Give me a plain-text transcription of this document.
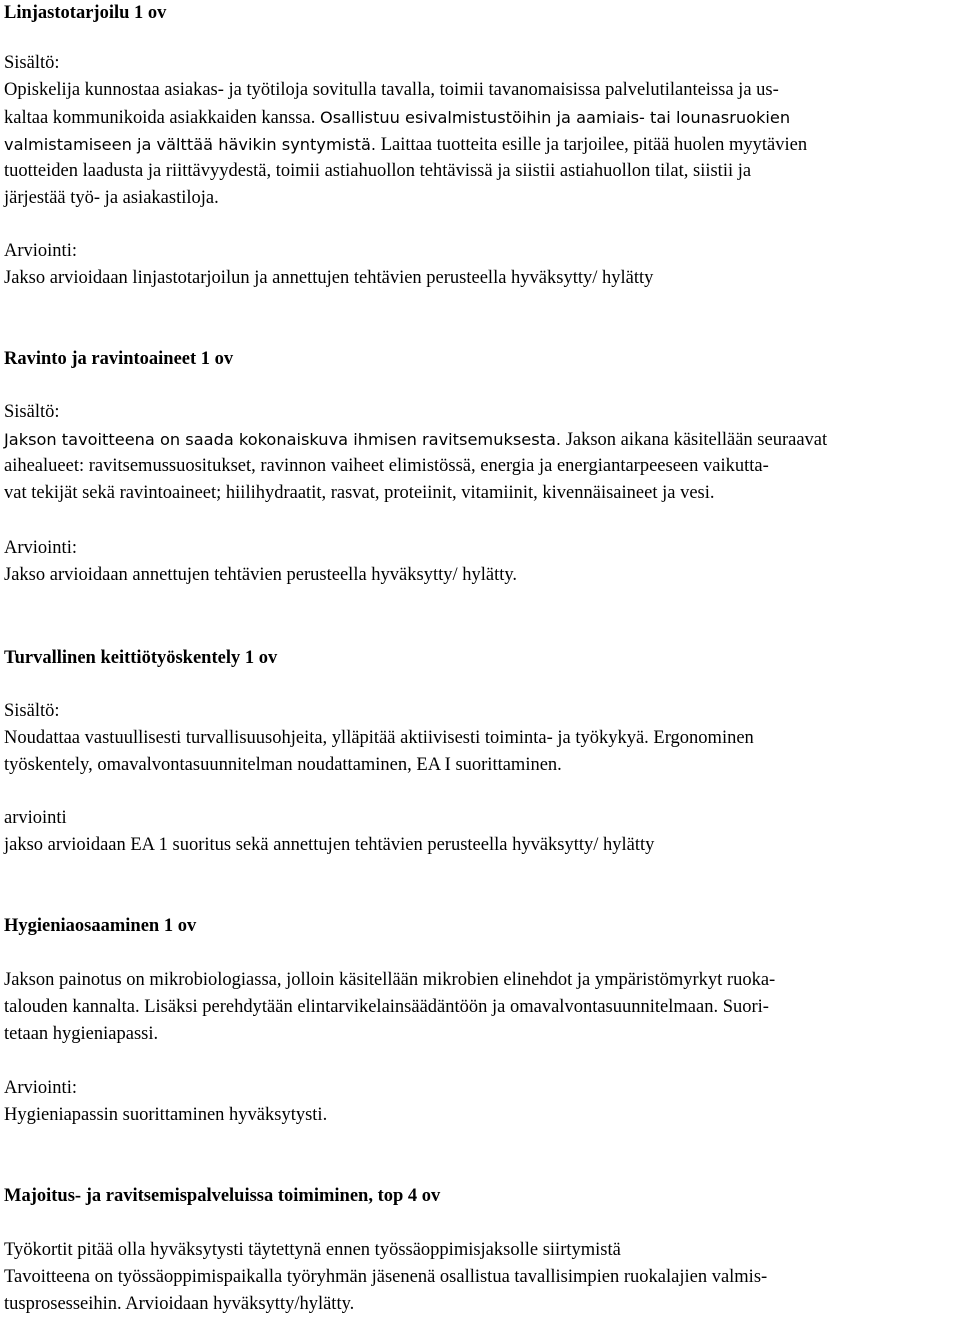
Linjastotarjoilu 1 ov
Sisältö:
Opiskelija kunnostaa asiakas- ja työtiloja sovitulla tavalla, toimii tavanomaisissa palvelutilanteissa ja us-
kaltaa kommunikoida asiakkaiden kanssa. Osallistuu esivalmistustöihin ja aamiais- tai lounasruokien
valmistamiseen ja välttää hävikin syntymistä. Laittaa tuotteita esille ja tarjoilee, pitää huolen myytävien
tuotteiden laadusta ja riittävyydestä, toimii astiahuollon tehtävissä ja siistii astiahuollon tilat, siistii ja
järjestää työ- ja asiakastiloja.
Arviointi:
Jakso arvioidaan linjastotarjoilun ja annettujen tehtävien perusteella hyväksytty/ hylätty
Ravinto ja ravintoaineet 1 ov
Sisältö:
Jakson tavoitteena on saada kokonaiskuva ihmisen ravitsemuksesta. Jakson aikana käsitellään seuraavat
aihealueet: ravitsemussuositukset, ravinnon vaiheet elimistössä, energia ja energiantarpeeseen vaikutta-
vat tekijät sekä ravintoaineet; hiilihydraatit, rasvat, proteiinit, vitamiinit, kivennäisaineet ja vesi.
Arviointi:
Jakso arvioidaan annettujen tehtävien perusteella hyväksytty/ hylätty.
Turvallinen keittiötyöskentely 1 ov
Sisältö:
Noudattaa vastuullisesti turvallisuusohjeita, ylläpitää aktiivisesti toiminta- ja työkykyä. Ergonominen
työskentely, omavalvontasuunnitelman noudattaminen, EA I suorittaminen.
arviointi
jakso arvioidaan EA 1 suoritus sekä annettujen tehtävien perusteella hyväksytty/ hylätty
Hygieniaosaaminen 1 ov
Jakson painotus on mikrobiologiassa, jolloin käsitellään mikrobien elinehdot ja ympäristömyrkyt ruoka-
talouden kannalta. Lisäksi perehdytään elintarvikelainsäädäntöön ja omavalvontasuunnitelmaan. Suori-
tetaan hygieniapassi.
Arviointi:
Hygieniapassin suorittaminen hyväksytysti.
Majoitus- ja ravitsemispalveluissa toimiminen, top 4 ov
Työkortit pitää olla hyväksytysti täytettynä ennen työssäoppimisjaksolle siirtymistä
Tavoitteena on työssäoppimispaikalla työryhmän jäsenenä osallistua tavallisimpien ruokalajien valmis-
tusprosesseihin. Arvioidaan hyväksytty/hylätty.
